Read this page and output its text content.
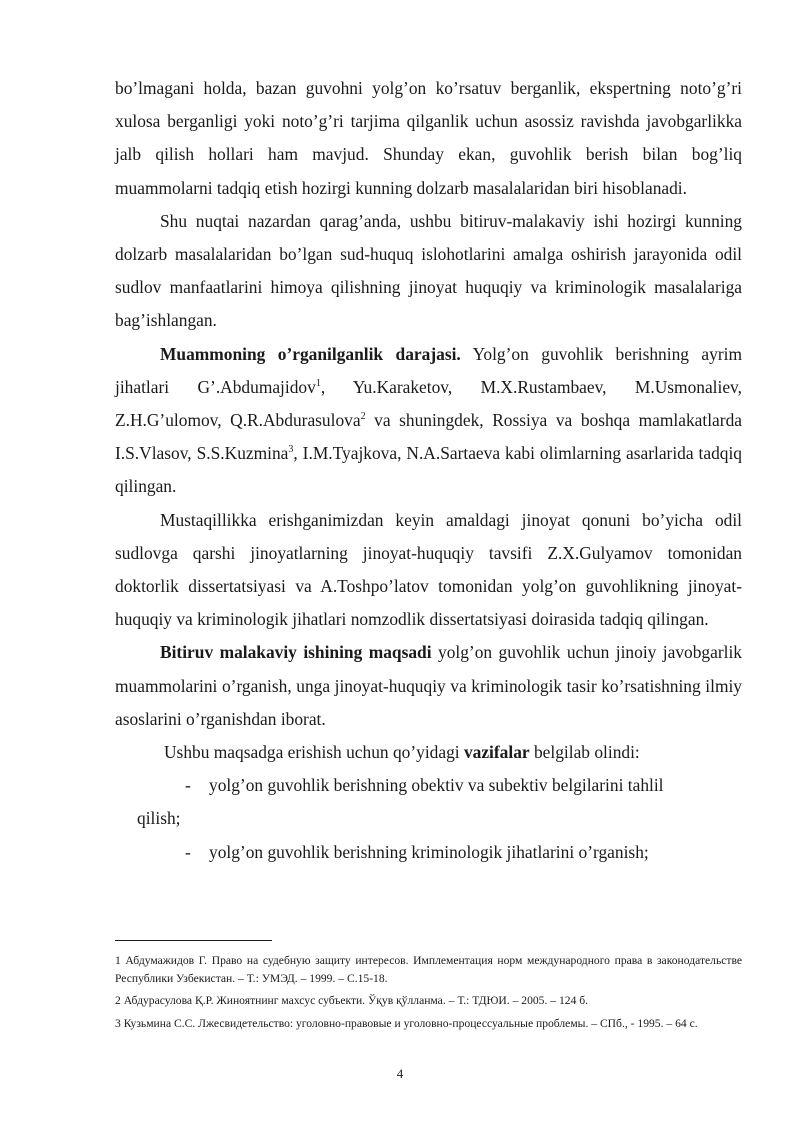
bo’lmagani holda, bazan guvohni yolg’on ko’rsatuv berganlik, ekspertning noto’g’ri xulosa berganligi yoki noto’g’ri tarjima qilganlik uchun asossiz ravishda javobgarlikka jalb qilish hollari ham mavjud. Shunday ekan, guvohlik berish bilan bog’liq muammolarni tadqiq etish hozirgi kunning dolzarb masalalaridan biri hisoblanadi.

Shu nuqtai nazardan qarag’anda, ushbu bitiruv-malakaviy ishi hozirgi kunning dolzarb masalalaridan bo’lgan sud-huquq islohotlarini amalga oshirish jarayonida odil sudlov manfaatlarini himoya qilishning jinoyat huquqiy va kriminologik masalalariga bag’ishlangan.

Muammoning o’rganilganlik darajasi. Yolg’on guvohlik berishning ayrim jihatlari G’.Abdumajidov$^1$, Yu.Karaketov, M.X.Rustambaev, M.Usmonaliev, Z.H.G’ulomov, Q.R.Abdurasulova$^2$ va shuningdek, Rossiya va boshqa mamlakatlarda I.S.Vlasov, S.S.Kuzmina$^3$, I.M.Tyajkova, N.A.Sartaeva kabi olimlarning asarlarida tadqiq qilingan.

Mustaqillikka erishganimizdan keyin amaldagi jinoyat qonuni bo’yicha odil sudlovga qarshi jinoyatlarning jinoyat-huquqiy tavsifi Z.X.Gulyamov tomonidan doktorlik dissertatsiyasi va A.Toshpo’latov tomonidan yolg’on guvohlikning jinoyat-huquqiy va kriminologik jihatlari nomzodlik dissertatsiyasi doirasida tadqiq qilingan.

Bitiruv malakaviy ishining maqsadi yolg’on guvohlik uchun jinoiy javobgarlik muammolarini o’rganish, unga jinoyat-huquqiy va kriminologik tasir ko’rsatishning ilmiy asoslarini o’rganishdan iborat.

Ushbu maqsadga erishish uchun qo’yidagi vazifalar belgilab olindi:

-	yolg’on guvohlik berishning obektiv va subektiv belgilarini tahlil
qilish;
-	yolg’on guvohlik berishning kriminologik jihatlarini o’rganish;

1 Абдумажидов Г. Право на судебную защиту интересов. Имплементация норм международного права в законодательстве Республики Узбекистан. – Т.: УМЭД. – 1999. – С.15-18.

2 Абдурасулова Қ.Р. Жиноятнинг махсус субъекти. Ўқув қўлланма. – Т.: ТДЮИ. – 2005. – 124 б.

3 Кузьмина С.С. Лжесвидетельство: уголовно-правовые и уголовно-процессуальные проблемы. – СПб., - 1995. – 64 с.

4
